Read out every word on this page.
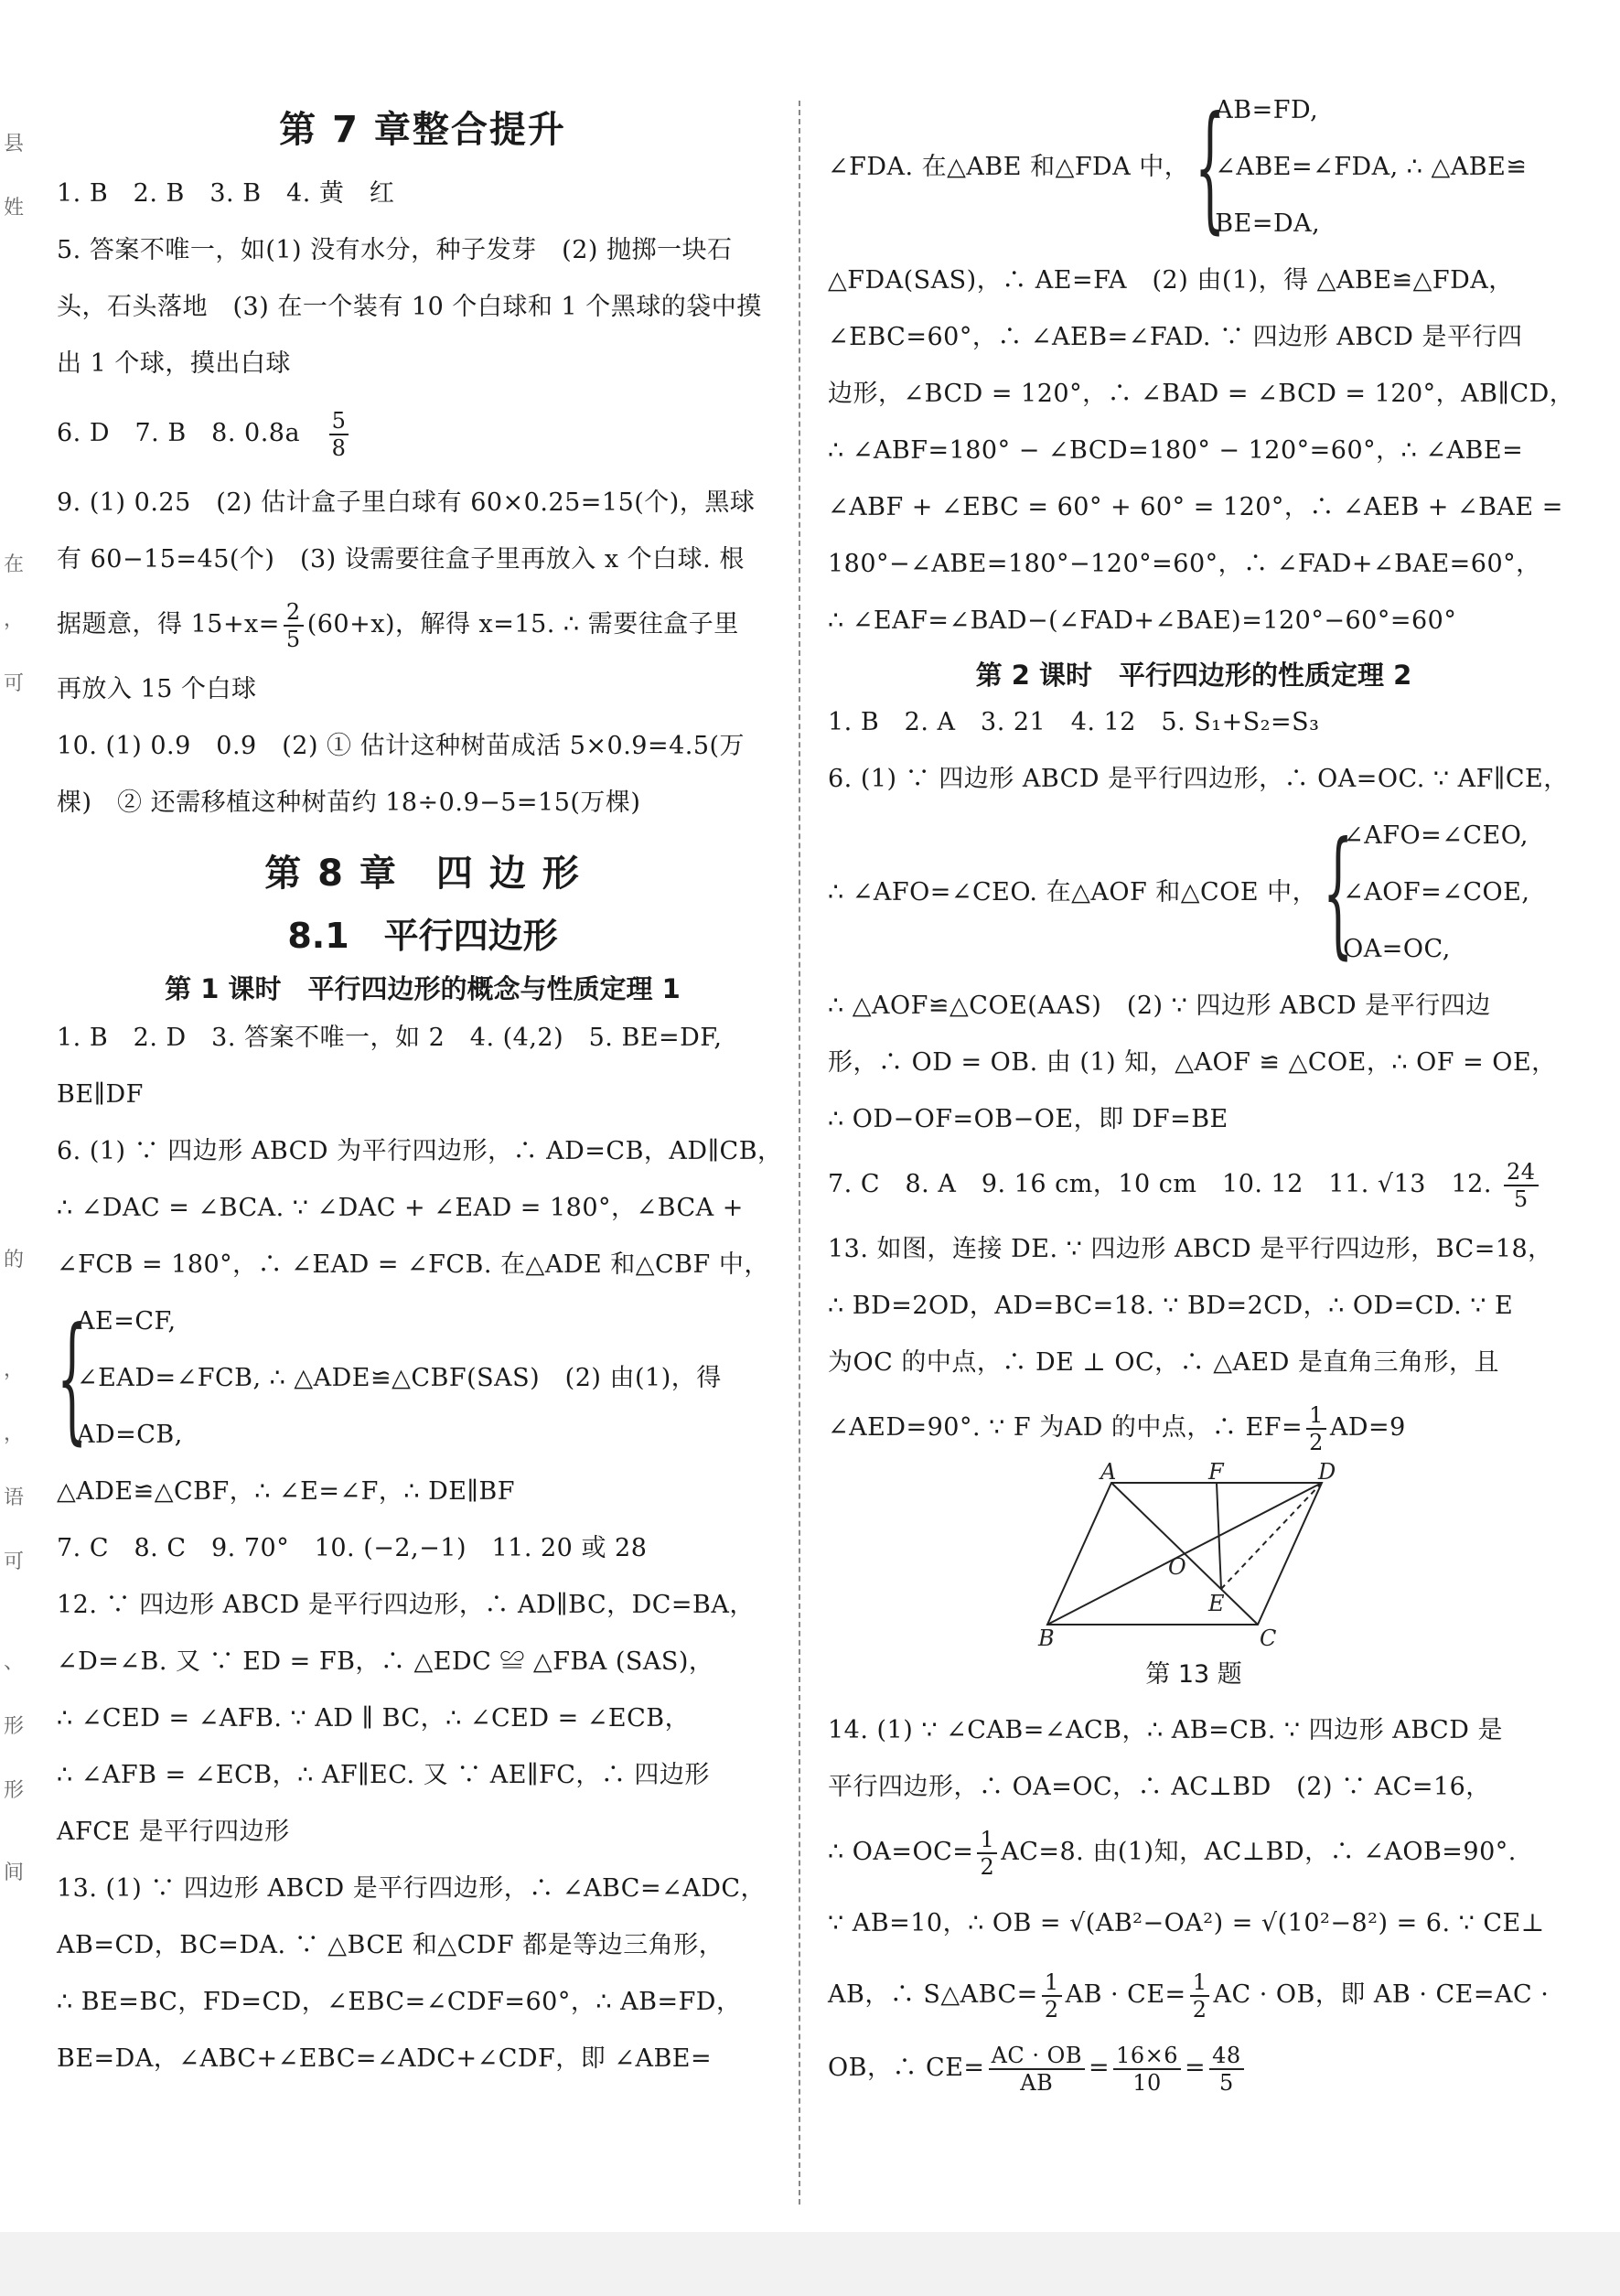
县
姓
在
，
可
的
，
，
语
可
、
形
形
间
第 7 章整合提升
1. B　2. B　3. B　4. 黄　红
5. 答案不唯一，如(1) 没有水分，种子发芽　(2) 抛掷一块石
头，石头落地　(3) 在一个装有 10 个白球和 1 个黑球的袋中摸
出 1 个球，摸出白球
6. D　7. B　8. 0.8a　 $\frac{5}{8}$
9. (1) 0.25　(2) 估计盒子里白球有 60×0.25=15(个)，黑球
有 60−15=45(个)　(3) 设需要往盒子里再放入 x 个白球. 根
据题意，得 $15+x= \frac{2}{5} (60+x)$，解得 x=15. ∴ 需要往盒子里
再放入 15 个白球
10. (1) 0.9　0.9　(2) ① 估计这种树苗成活 5×0.9=4.5(万
棵)　② 还需移植这种树苗约 18÷0.9−5=15(万棵)
第 8 章　四 边 形
8.1　平行四边形
第 1 课时　平行四边形的概念与性质定理 1
1. B　2. D　3. 答案不唯一，如 2　4. (4,2)　5. BE=DF,
BE∥DF
6. (1) ∵ 四边形 ABCD 为平行四边形，∴ AD=CB，AD∥CB，
∴ ∠DAC = ∠BCA. ∵ ∠DAC + ∠EAD = 180°，∠BCA +
∠FCB = 180°，∴ ∠EAD = ∠FCB. 在△ADE 和△CBF 中，
{
AE=CF,
∠EAD=∠FCB, ∴ △ADE≌△CBF(SAS)　(2) 由(1)，得
AD=CB,
△ADE≌△CBF，∴ ∠E=∠F，∴ DE∥BF
7. C　8. C　9. 70°　10. (−2,−1)　11. 20 或 28
12. ∵ 四边形 ABCD 是平行四边形，∴ AD∥BC，DC=BA，
∠D=∠B. 又 ∵ ED = FB，∴ △EDC ≌ △FBA (SAS)，
∴ ∠CED = ∠AFB. ∵ AD ∥ BC，∴ ∠CED = ∠ECB，
∴ ∠AFB = ∠ECB，∴ AF∥EC. 又 ∵ AE∥FC，∴ 四边形
AFCE 是平行四边形
13. (1) ∵ 四边形 ABCD 是平行四边形，∴ ∠ABC=∠ADC，
AB=CD，BC=DA. ∵ △BCE 和△CDF 都是等边三角形，
∴ BE=BC，FD=CD，∠EBC=∠CDF=60°，∴ AB=FD，
BE=DA，∠ABC+∠EBC=∠ADC+∠CDF，即 ∠ABE=
∠FDA. 在△ABE 和△FDA 中， {
AB=FD,
∠ABE=∠FDA, ∴ △ABE≌
BE=DA,
△FDA(SAS)，∴ AE=FA　(2) 由(1)，得 △ABE≌△FDA，
∠EBC=60°，∴ ∠AEB=∠FAD. ∵ 四边形 ABCD 是平行四
边形，∠BCD = 120°，∴ ∠BAD = ∠BCD = 120°，AB∥CD，
∴ ∠ABF=180° − ∠BCD=180° − 120°=60°，∴ ∠ABE=
∠ABF + ∠EBC = 60° + 60° = 120°，∴ ∠AEB + ∠BAE =
180°−∠ABE=180°−120°=60°，∴ ∠FAD+∠BAE=60°，
∴ ∠EAF=∠BAD−(∠FAD+∠BAE)=120°−60°=60°
第 2 课时　平行四边形的性质定理 2
1. B　2. A　3. 21　4. 12　5. S₁+S₂=S₃
6. (1) ∵ 四边形 ABCD 是平行四边形，∴ OA=OC. ∵ AF∥CE，
∴ ∠AFO=∠CEO. 在△AOF 和△COE 中， {
∠AFO=∠CEO,
∠AOF=∠COE,
OA=OC,
∴ △AOF≌△COE(AAS)　(2) ∵ 四边形 ABCD 是平行四边
形，∴ OD = OB. 由 (1) 知，△AOF ≌ △COE，∴ OF = OE，
∴ OD−OF=OB−OE，即 DF=BE
7. C　8. A　9. 16 cm，10 cm　10. 12　11. √13　12. $\frac{24}{5}$
13. 如图，连接 DE. ∵ 四边形 ABCD 是平行四边形，BC=18，
∴ BD=2OD，AD=BC=18. ∵ BD=2CD，∴ OD=CD. ∵ E
为OC 的中点，∴ DE ⊥ OC，∴ △AED 是直角三角形，且
∠AED=90°. ∵ F 为AD 的中点，∴ $EF= \frac{1}{2} AD=9$
A	F	D
O
E
B	C
第 13 题
14. (1) ∵ ∠CAB=∠ACB，∴ AB=CB. ∵ 四边形 ABCD 是
平行四边形，∴ OA=OC，∴ AC⊥BD　(2) ∵ AC=16，
∴ $OA=OC= \frac{1}{2} AC=8$. 由(1)知，AC⊥BD，∴ ∠AOB=90°.
∵ AB=10，∴ OB = √(AB²−OA²) = √(10²−8²) = 6. ∵ CE⊥
AB，∴ S△ABC= $\frac{1}{2}$ AB · $CE= \frac{1}{2}$ AC · OB，即 AB · CE=AC ·
OB，∴ $CE= \frac{AC \cdot OB}{AB} = \frac{16\times 6}{10} = \frac{48}{5}$
